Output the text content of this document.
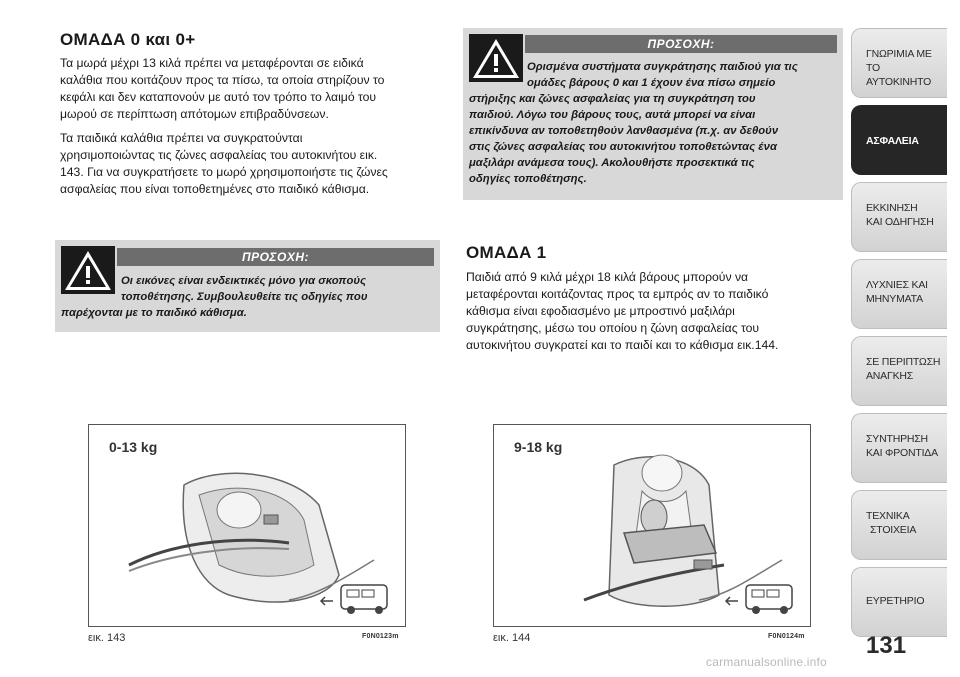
ΟΜΑΔΑ 0 και 0+
Τα μωρά μέχρι 13 κιλά πρέπει να μεταφέρονται σε ειδικά
καλάθια που κοιτάζουν προς τα πίσω, τα οποία στηρίζουν το
κεφάλι και δεν καταπονούν με αυτό τον τρόπο το λαιμό του
μωρού σε περίπτωση απότομων επιβραδύνσεων.
Τα παιδικά καλάθια πρέπει να συγκρατούνται
χρησιμοποιώντας τις ζώνες ασφαλείας του αυτοκινήτου εικ.
143. Για να συγκρατήσετε το μωρό χρησιμοποιήστε τις ζώνες
ασφαλείας που είναι τοποθετημένες στο παιδικό κάθισμα.
ΠΡΟΣΟΧΗ:
Οι εικόνες είναι ενδεικτικές μόνο για σκοπούς
τοποθέτησης. Συμβουλευθείτε τις οδηγίες που
παρέχονται με το παιδικό κάθισμα.
0-13 kg
εικ. 143	F0N0123m
ΠΡΟΣΟΧΗ:
Ορισμένα συστήματα συγκράτησης παιδιού για τις
ομάδες βάρους 0 και 1 έχουν ένα πίσω σημείο
στήριξης και ζώνες ασφαλείας για τη συγκράτηση του
παιδιού. Λόγω του βάρους τους, αυτά μπορεί να είναι
επικίνδυνα αν τοποθετηθούν λανθασμένα (π.χ. αν δεθούν
στις ζώνες ασφαλείας του αυτοκινήτου τοποθετώντας ένα
μαξιλάρι ανάμεσα τους). Ακολουθήστε προσεκτικά τις
οδηγίες τοποθέτησης.
ΟΜΑΔΑ 1
Παιδιά από 9 κιλά μέχρι 18 κιλά βάρους μπορούν να
μεταφέρονται κοιτάζοντας προς τα εμπρός αν το παιδικό
κάθισμα είναι εφοδιασμένο με μπροστινό μαξιλάρι
συγκράτησης, μέσω του οποίου η ζώνη ασφαλείας του
αυτοκινήτου συγκρατεί και το παιδί και το κάθισμα εικ.144.
9-18 kg
εικ. 144	F0N0124m
ΓΝΩΡΙΜΙΑ ΜΕ
ΤΟ ΑΥΤΟΚΙΝΗΤΟ
ΑΣΦΑΛΕΙΑ
ΕΚΚΙΝΗΣΗ
ΚΑΙ ΟΔΗΓΗΣΗ
ΛΥΧΝΙΕΣ ΚΑΙ
ΜΗΝΥΜΑΤΑ
ΣΕ ΠΕΡΙΠΤΩΣΗ
ΑΝΑΓΚΗΣ
ΣΥΝΤΗΡΗΣΗ
ΚΑΙ ΦΡΟΝΤΙΔΑ
ΤΕΧΝΙΚΑ
ΣΤΟΙΧΕΙΑ
ΕΥΡΕΤΗΡΙΟ
131
carmanualsonline.info
